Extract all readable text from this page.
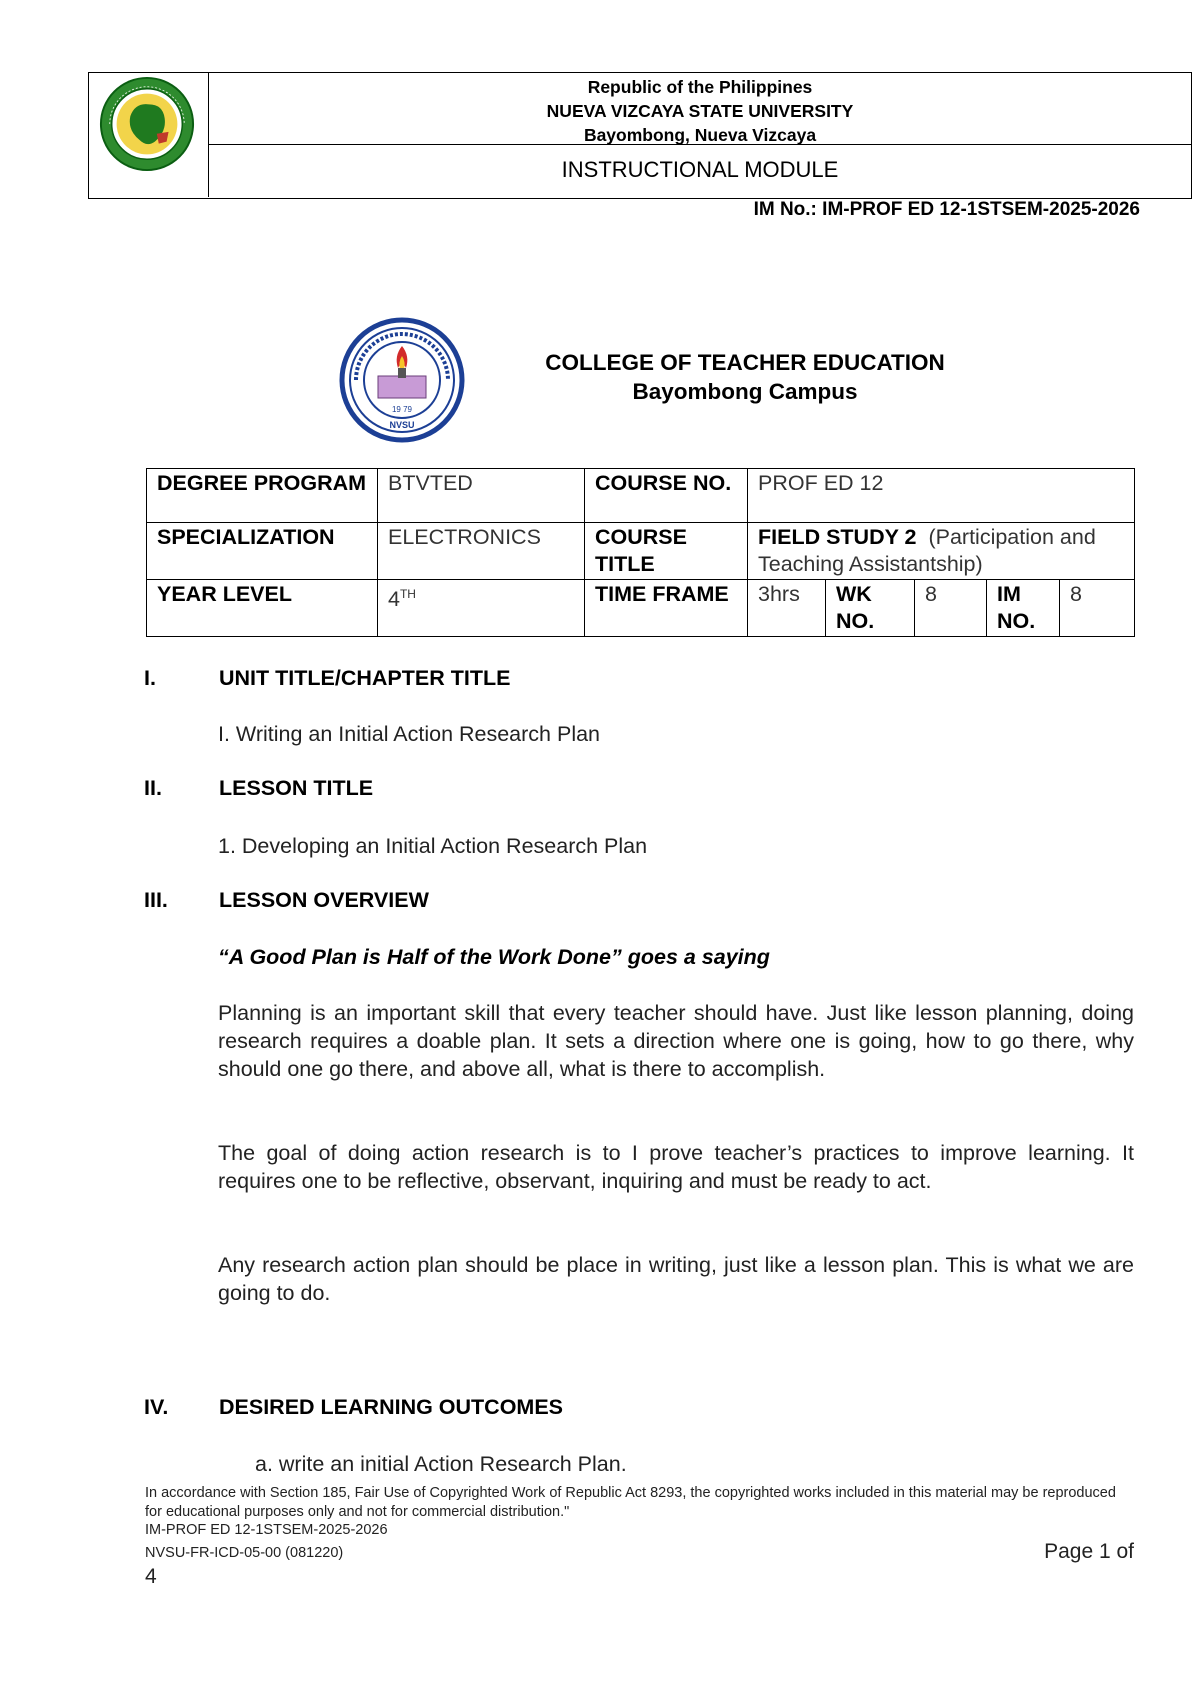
Republic of the Philippines
NUEVA VIZCAYA STATE UNIVERSITY
Bayombong, Nueva Vizcaya
INSTRUCTIONAL MODULE
IM No.: IM-PROF ED 12-1STSEM-2025-2026
19 79
NVSU
COLLEGE OF TEACHER EDUCATION
Bayombong Campus
DEGREE PROGRAM	BTVTED	COURSE NO.	PROF ED 12				
SPECIALIZATION	ELECTRONICS	COURSE TITLE	FIELD STUDY 2 (Participation and Teaching Assistantship)				
YEAR LEVEL	4TH	TIME FRAME	3hrs	WK NO.	8	IM NO.	8
I.	UNIT TITLE/CHAPTER TITLE
I. Writing an Initial Action Research Plan
II.	LESSON TITLE
1. Developing an Initial Action Research Plan
III. LESSON OVERVIEW
“A Good Plan is Half of the Work Done” goes a saying
Planning is an important skill that every teacher should have. Just like lesson planning, doing research requires a doable plan. It sets a direction where one is going, how to go there, why should one go there, and above all, what is there to accomplish.
The goal of doing action research is to I prove teacher’s practices to improve learning. It requires one to be reflective, observant, inquiring and must be ready to act.
Any research action plan should be place in writing, just like a lesson plan. This is what we are going to do.
IV. DESIRED LEARNING OUTCOMES
a. write an initial Action Research Plan.
In accordance with Section 185, Fair Use of Copyrighted Work of Republic Act 8293, the copyrighted works included in this material may be reproduced for educational purposes only and not for commercial distribution."
IM-PROF ED 12-1STSEM-2025-2026
NVSU-FR-ICD-05-00 (081220)	Page 1 of
4
